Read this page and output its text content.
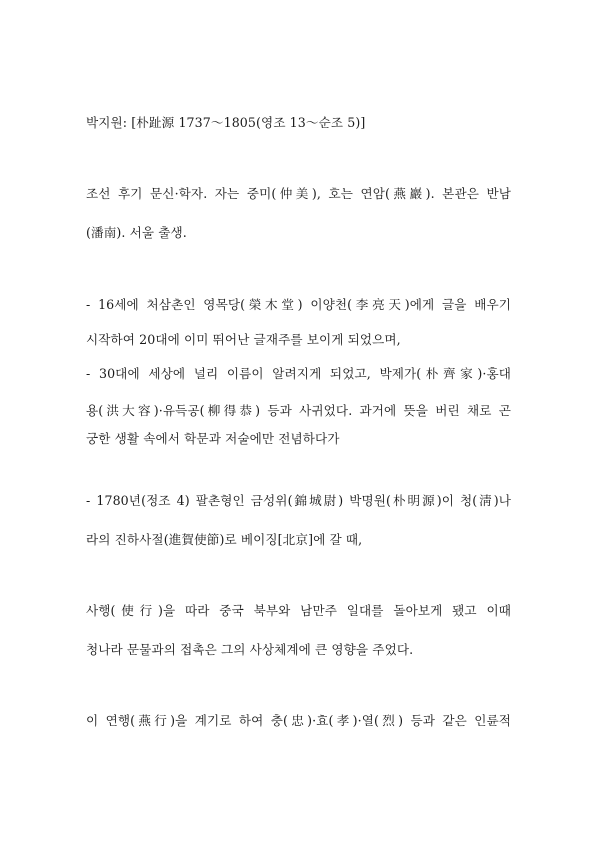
박지원: [朴趾源 1737～1805(영조 13～순조 5)]
조선 후기 문신·학자. 자는 중미(仲美), 호는 연암(燕巖). 본관은 반남
(潘南). 서울 출생.
- 16세에 처삼촌인 영목당(榮木堂) 이양천(李亮天)에게 글을 배우기
시작하여 20대에 이미 뛰어난 글재주를 보이게 되었으며,
- 30대에 세상에 널리 이름이 알려지게 되었고, 박제가(朴齊家)·홍대
용(洪大容)·유득공(柳得恭) 등과 사귀었다. 과거에 뜻을 버린 채로 곤
궁한 생활 속에서 학문과 저술에만 전념하다가
- 1780년(정조 4) 팔촌형인 금성위(錦城尉) 박명원(朴明源)이 청(淸)나
라의 진하사절(進賀使節)로 베이징[北京]에 갈 때,
사행(使行)을 따라 중국 북부와 남만주 일대를 돌아보게 됐고 이때
청나라 문물과의 접촉은 그의 사상체계에 큰 영향을 주었다.
이 연행(燕行)을 계기로 하여 충(忠)·효(孝)·열(烈) 등과 같은 인륜적
